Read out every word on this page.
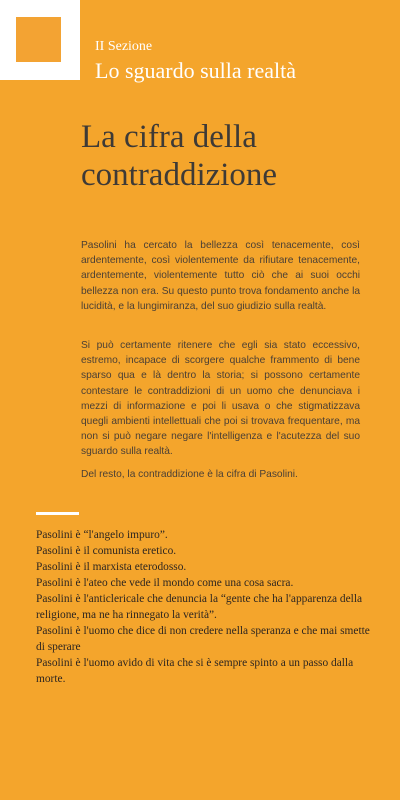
II Sezione
Lo sguardo sulla realtà
La cifra della contraddizione

Pasolini ha cercato la bellezza così tenacemente, così ardentemente, così violentemente da rifiutare tenacemente, ardentemente, violentemente tutto ciò che ai suoi occhi bellezza non era. Su questo punto trova fondamento anche la lucidità, e la lungimiranza, del suo giudizio sulla realtà.

Si può certamente ritenere che egli sia stato eccessivo, estremo, incapace di scorgere qualche frammento di bene sparso qua e là dentro la storia; si possono certamente contestare le contraddizioni di un uomo che denunciava i mezzi di informazione e poi li usava o che stigmatizzava quegli ambienti intellettuali che poi si trovava frequentare, ma non si può negare negare l'intelligenza e l'acutezza del suo sguardo sulla realtà.

Del resto, la contraddizione è la cifra di Pasolini.

Pasolini è “l'angelo impuro”.
Pasolini è il comunista eretico.
Pasolini è il marxista eterodosso.
Pasolini è l'ateo che vede il mondo come una cosa sacra.
Pasolini è l'anticlericale che denuncia la “gente che ha l'apparenza della religione, ma ne ha rinnegato la verità”.
Pasolini è l'uomo che dice di non credere nella speranza e che mai smette di sperare
Pasolini è l'uomo avido di vita che si è sempre spinto a un passo dalla morte.
